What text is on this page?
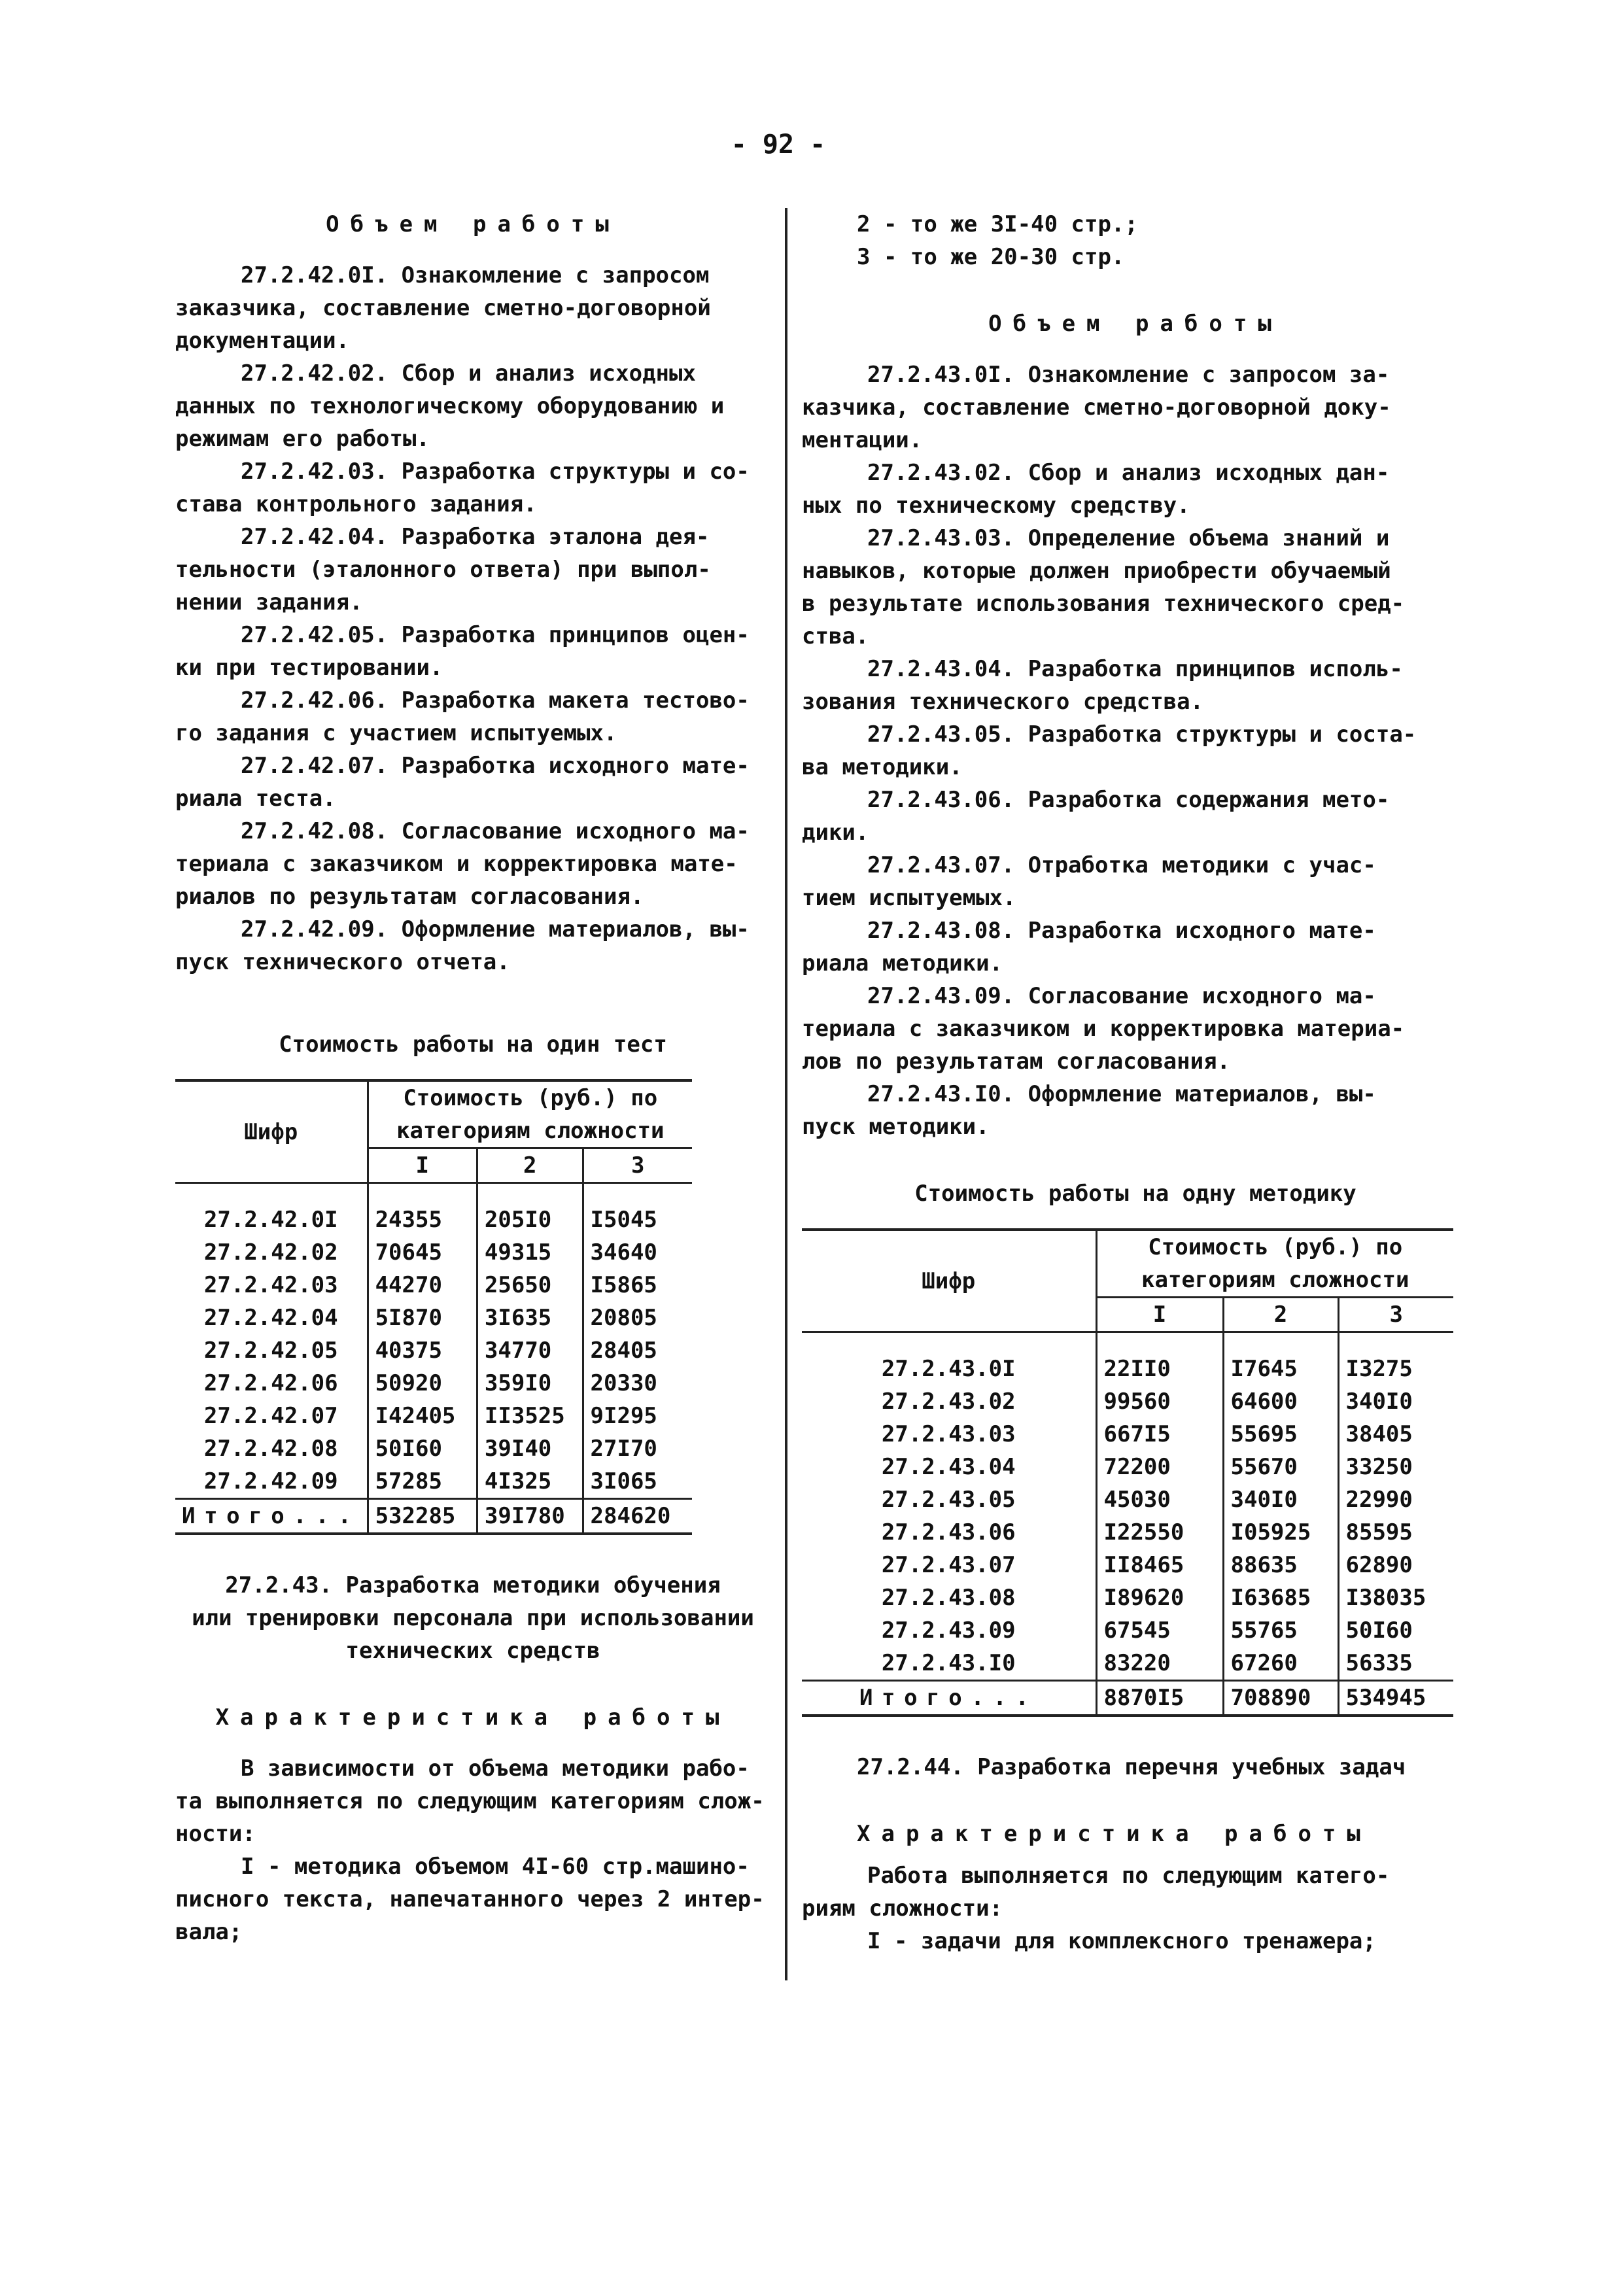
- 92 -
Объем работы
27.2.42.0I. Ознакомление с запросом
заказчика, составление сметно-договорной
документации.
27.2.42.02. Сбор и анализ исходных
данных по технологическому оборудованию и
режимам его работы.
27.2.42.03. Разработка структуры и со-
става контрольного задания.
27.2.42.04. Разработка эталона дея-
тельности (эталонного ответа) при выпол-
нении задания.
27.2.42.05. Разработка принципов оцен-
ки при тестировании.
27.2.42.06. Разработка макета тестово-
го задания с участием испытуемых.
27.2.42.07. Разработка исходного мате-
риала теста.
27.2.42.08. Согласование исходного ма-
териала с заказчиком и корректировка мате-
риалов по результатам согласования.
27.2.42.09. Оформление материалов, вы-
пуск технического отчета.
Стоимость работы на один тест
Шифр	Стоимость (руб.) по категориям сложности		
	I	2	3

27.2.42.0I	24355	205I0	I5045
27.2.42.02	70645	49315	34640
27.2.42.03	44270	25650	I5865
27.2.42.04	5I870	3I635	20805
27.2.42.05	40375	34770	28405
27.2.42.06	50920	359I0	20330
27.2.42.07	I42405	II3525	9I295
27.2.42.08	50I60	39I40	27I70
27.2.42.09	57285	4I325	3I065
Итого...	532285	39I780	284620
27.2.43. Разработка методики обучения
или тренировки персонала при использовании
технических средств
Характеристика работы
В зависимости от объема методики рабо-
та выполняется по следующим категориям слож-
ности:
I - методика объемом 4I-60 стр.машино-
писного текста, напечатанного через 2 интер-
вала;
2 - то же 3I-40 стр.;
3 - то же 20-30 стр.
Объем работы
27.2.43.0I. Ознакомление с запросом за-
казчика, составление сметно-договорной доку-
ментации.
27.2.43.02. Сбор и анализ исходных дан-
ных по техническому средству.
27.2.43.03. Определение объема знаний и
навыков, которые должен приобрести обучаемый
в результате использования технического сред-
ства.
27.2.43.04. Разработка принципов исполь-
зования технического средства.
27.2.43.05. Разработка структуры и соста-
ва методики.
27.2.43.06. Разработка содержания мето-
дики.
27.2.43.07. Отработка методики с учас-
тием испытуемых.
27.2.43.08. Разработка исходного мате-
риала методики.
27.2.43.09. Согласование исходного ма-
териала с заказчиком и корректировка материа-
лов по результатам согласования.
27.2.43.I0. Оформление материалов, вы-
пуск методики.
Стоимость работы на одну методику
Шифр	Стоимость (руб.) по категориям сложности		
	I	2	3

27.2.43.0I	22II0	I7645	I3275
27.2.43.02	99560	64600	340I0
27.2.43.03	667I5	55695	38405
27.2.43.04	72200	55670	33250
27.2.43.05	45030	340I0	22990
27.2.43.06	I22550	I05925	85595
27.2.43.07	II8465	88635	62890
27.2.43.08	I89620	I63685	I38035
27.2.43.09	67545	55765	50I60
27.2.43.I0	83220	67260	56335
Итого...	8870I5	708890	534945
27.2.44. Разработка перечня учебных задач
Характеристика работы
Работа выполняется по следующим катего-
риям сложности:
I - задачи для комплексного тренажера;
